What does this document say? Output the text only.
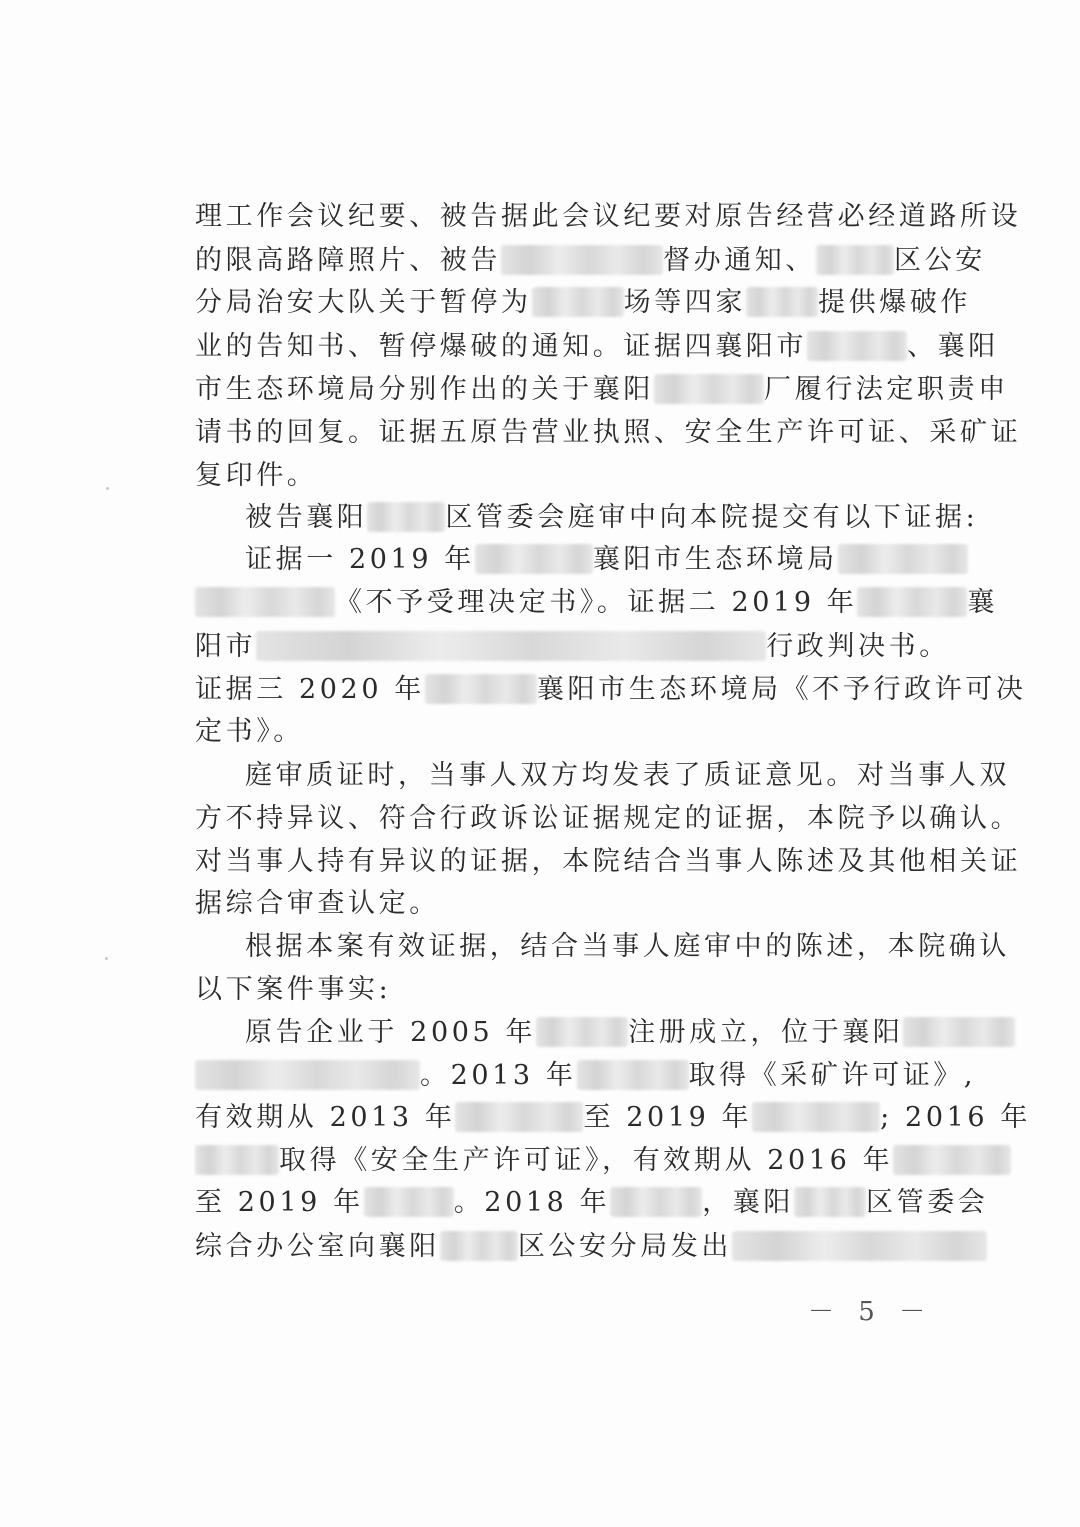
理工作会议纪要、被告据此会议纪要对原告经营必经道路所设
的限高路障照片、被告	督办通知、	区公安
分局治安大队关于暂停为	场等四家	提供爆破作
业的告知书、暂停爆破的通知。证据四襄阳市	、襄阳
市生态环境局分别作出的关于襄阳	厂履行法定职责申
请书的回复。证据五原告营业执照、安全生产许可证、采矿证
复印件。
被告襄阳	区管委会庭审中向本院提交有以下证据:
证据一 2019 年	襄阳市生态环境局
《不予受理决定书》。证据二 2019 年	襄
阳市	行政判决书。
证据三 2020 年	襄阳市生态环境局《不予行政许可决
定书》。
庭审质证时，当事人双方均发表了质证意见。对当事人双
方不持异议、符合行政诉讼证据规定的证据，本院予以确认。
对当事人持有异议的证据，本院结合当事人陈述及其他相关证
据综合审查认定。
根据本案有效证据，结合当事人庭审中的陈述，本院确认
以下案件事实:
原告企业于 2005 年	注册成立，位于襄阳
。2013 年	取得《采矿许可证》,
有效期从 2013 年	至 2019 年	; 2016 年
取得《安全生产许可证》，有效期从 2016 年
至 2019 年	。2018 年	，襄阳	区管委会
综合办公室向襄阳	区公安分局发出
－ 5 －
